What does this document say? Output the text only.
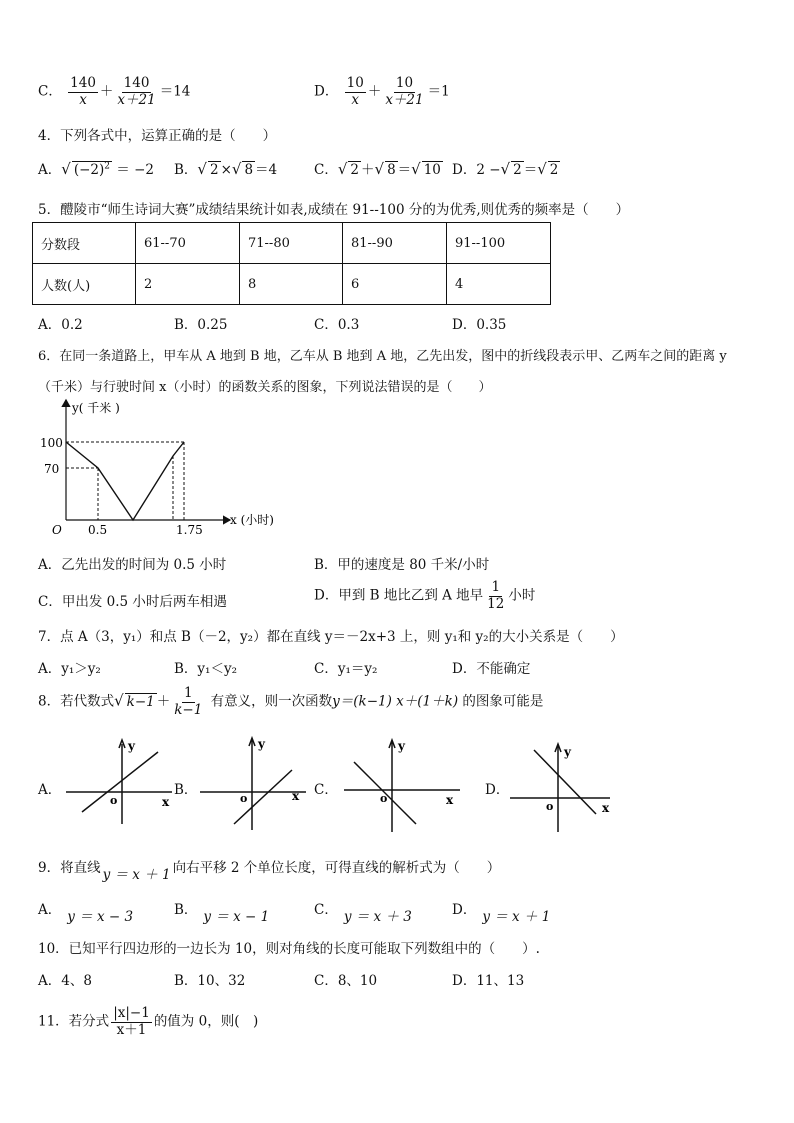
C． $\frac{140}{x} + \frac{140}{x+21} =14$	D． $\frac{10}{x} + \frac{10}{x+21} =1$
4．下列各式中，运算正确的是（　　）
A．√ $(-2)^2 = -2$ B．√ 2 ×√ 8 ＝4	C．√ 2 ＋√ 8 ＝√ 10 D．2 −√ 2 ＝√ 2
5．醴陵市“师生诗词大赛”成绩结果统计如表,成绩在 91--100 分的为优秀,则优秀的频率是（　　）
分数段	61--70	71--80	81--90	91--100
人数(人)	2	8	6	4
A．0.2	B．0.25	C．0.3	D．0.35
6．在同一条道路上，甲车从 A 地到 B 地，乙车从 B 地到 A 地，乙先出发，图中的折线段表示甲、乙两车之间的距离 y
（千米）与行驶时间 x（小时）的函数关系的图象，下列说法错误的是（　　）
y( 千米 )
x (小时)
O
100
70
0.5	1.75
A．乙先出发的时间为 0.5 小时	B．甲的速度是 80 千米/小时
C．甲出发 0.5 小时后两车相遇	D．甲到 B 地比乙到 A 地早 $\frac{1}{12}$ 小时
7．点 A（3，y₁）和点 B（－2，y₂）都在直线 y＝－2x+3 上，则 y₁和 y₂的大小关系是（　　）
A．y₁＞y₂	B．y₁＜y₂	C．y₁＝y₂	D．不能确定
8．若代数式√ $k-1 + \frac{1}{k-1}$ 有意义，则一次函数y＝(k−1) x＋(1＋k) 的图象可能是
A．
y
o	x
B．
y
o	x C．
y
o	x
D．
y
o	x
9．将直线 y ＝ x ＋ 1 向右平移 2 个单位长度，可得直线的解析式为（　　）
A． y ＝ x − 3	B． y ＝ x − 1	C． y ＝ x ＋ 3	D． y ＝ x ＋ 1
10．已知平行四边形的一边长为 10，则对角线的长度可能取下列数组中的（　　）.
A．4、8	B．10、32	C．8、10	D．11、13
11．若分式 $\frac{|x|-1}{x+1}$ 的值为 0，则(　)
